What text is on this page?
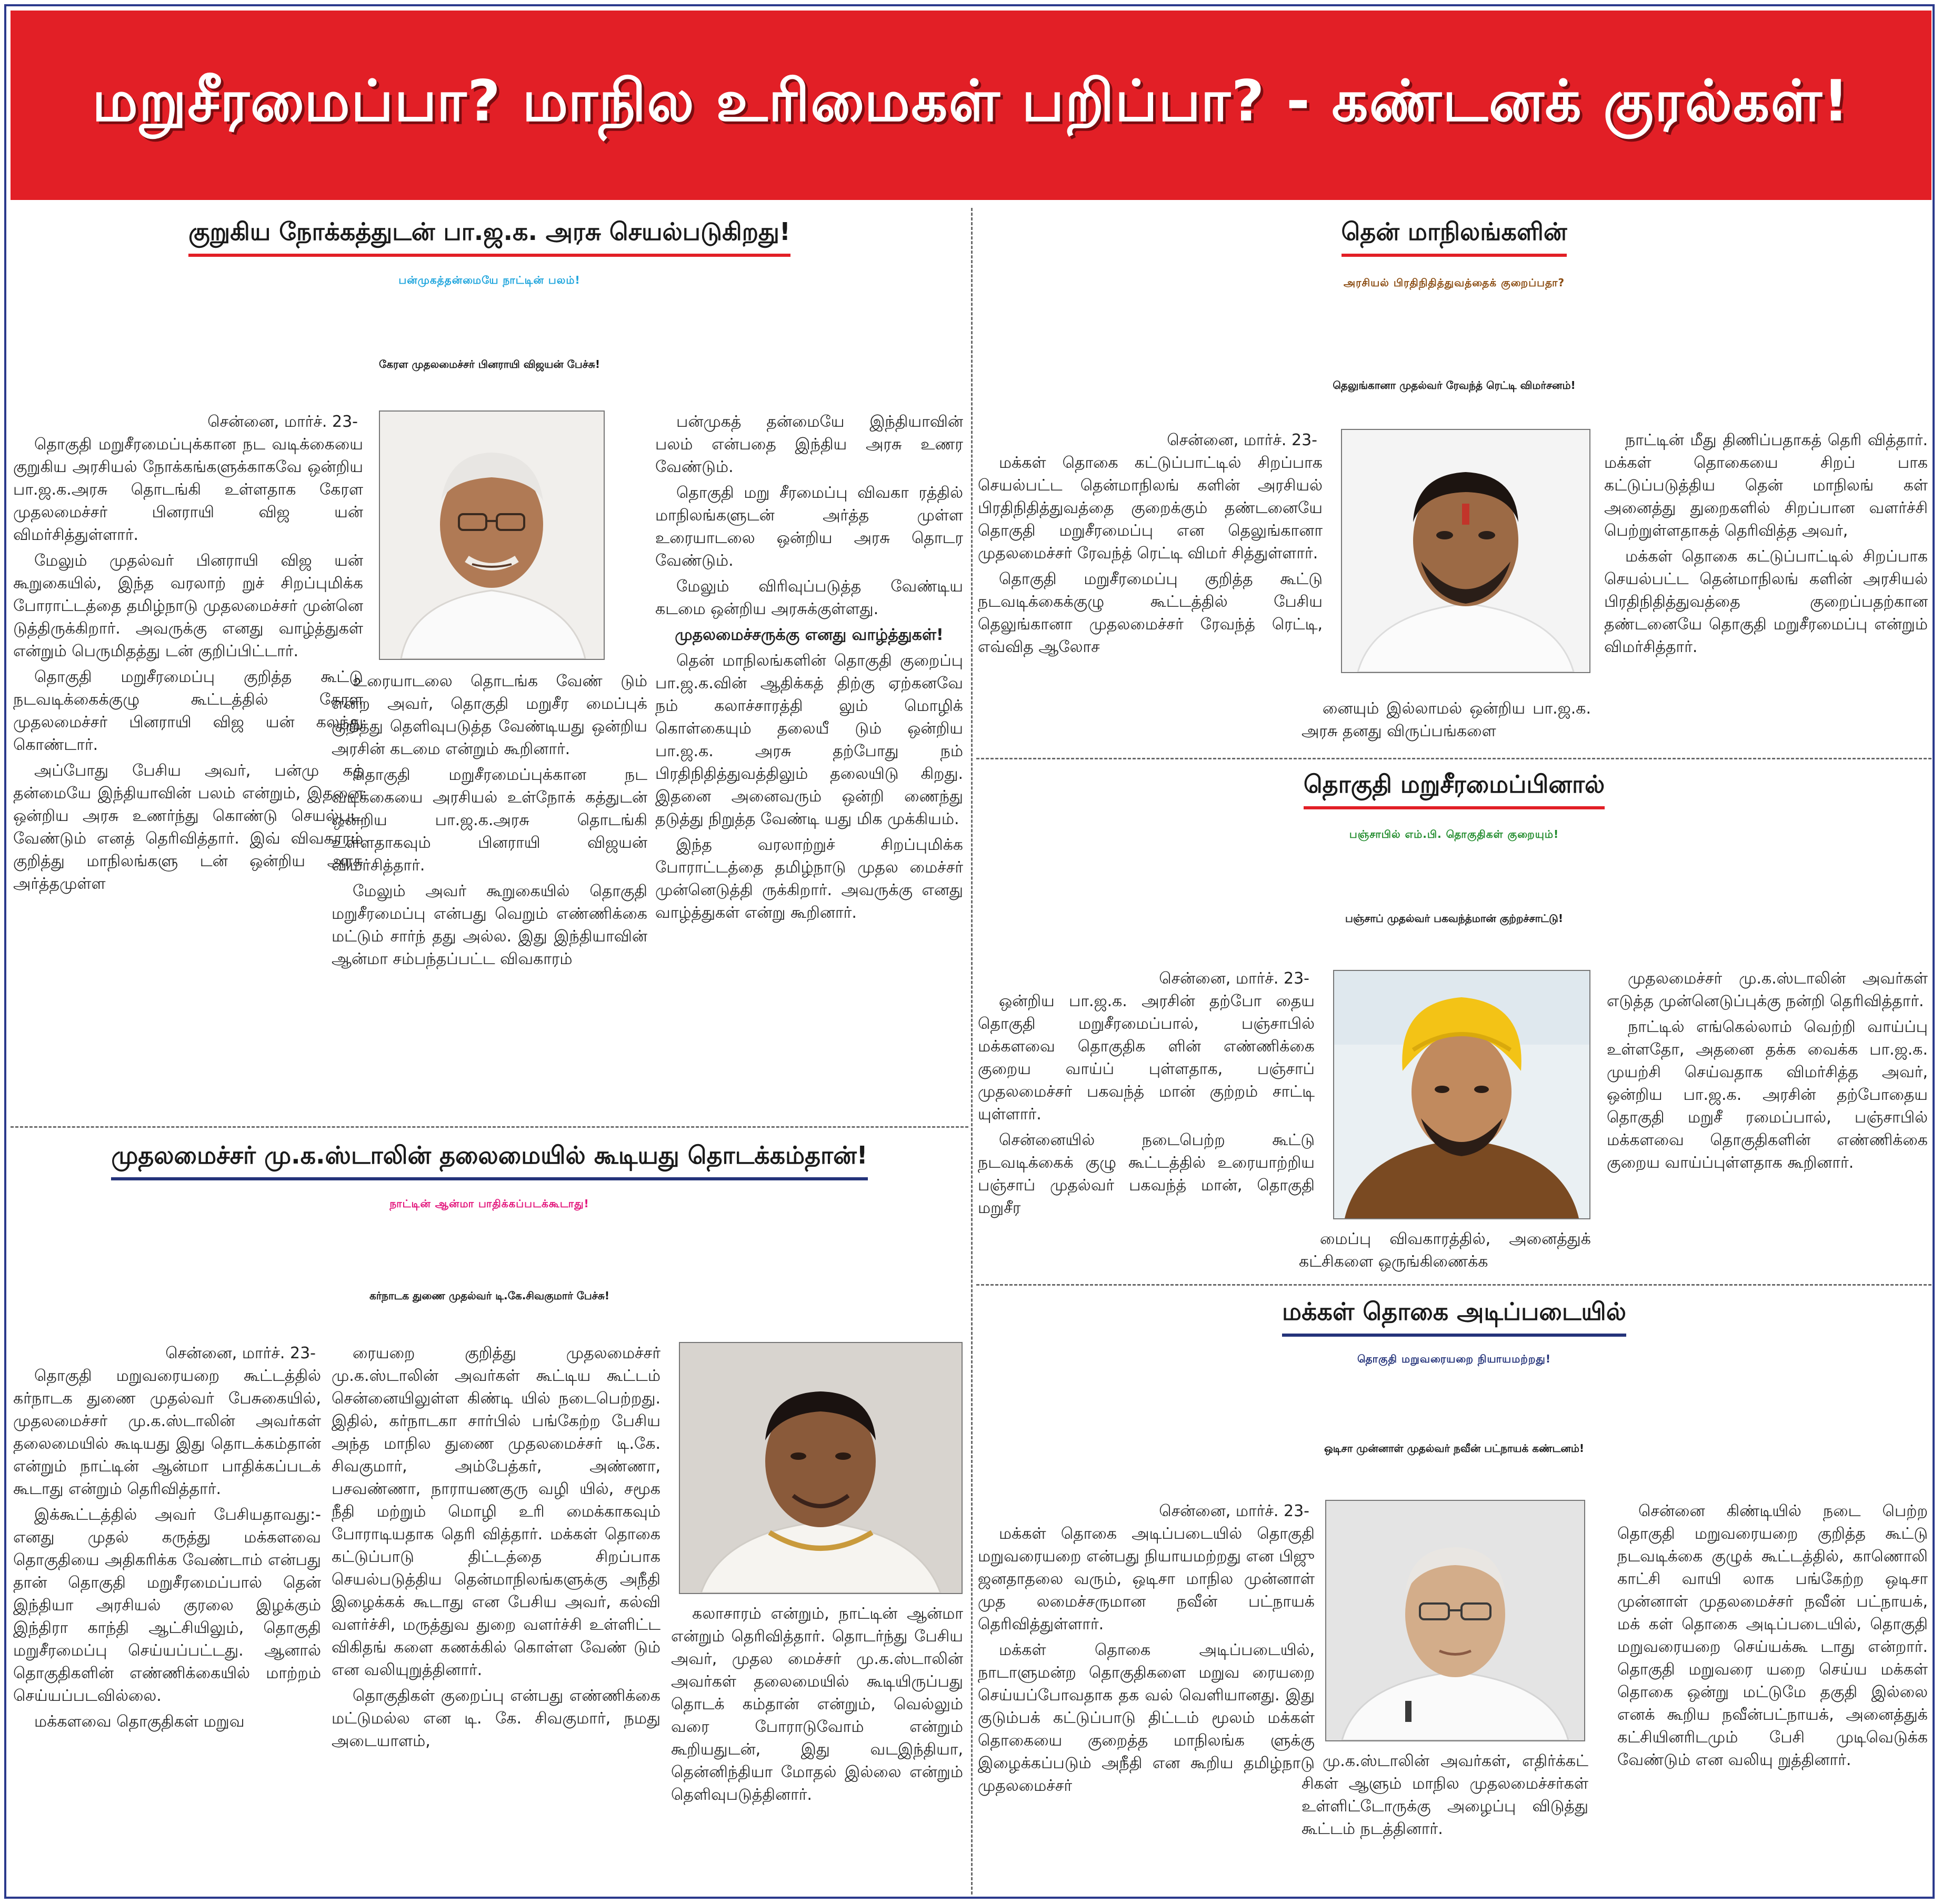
மறுசீரமைப்பா? மாநில உரிமைகள் பறிப்பா? - கண்டனக் குரல்கள்!
குறுகிய நோக்கத்துடன் பா.ஜ.க. அரசு செயல்படுகிறது!
பன்முகத்தன்மையே நாட்டின் பலம்!
கேரள முதலமைச்சர் பினராயி விஜயன் பேச்சு!
சென்னை, மார்ச். 23-

தொகுதி மறுசீரமைப்புக்கான நட வடிக்கையை குறுகிய அரசியல் நோக்கங்களுக்காகவே ஒன்றிய பா.ஜ.க.அரசு தொடங்கி உள்ளதாக கேரள முதலமைச்சர் பினராயி விஜ யன் விமர்சித்துள்ளார்.

மேலும் முதல்வர் பினராயி விஜ யன் கூறுகையில், இந்த வரலாற் றுச் சிறப்புமிக்க போராட்டத்தை தமிழ்நாடு முதலமைச்சர் முன்னெ டுத்திருக்கிறார். அவருக்கு எனது வாழ்த்துகள் என்றும் பெருமிதத்து டன் குறிப்பிட்டார்.

தொகுதி மறுசீரமைப்பு குறித்த கூட்டு நடவடிக்கைக்குழு கூட்டத்தில் கேரள முதலமைச்சர் பினராயி விஜ யன் கலந்து கொண்டார்.

அப்போது பேசிய அவர், பன்மு கத் தன்மையே இந்தியாவின் பலம் என்றும், இதனை ஒன்றிய அரசு உணர்ந்து கொண்டு செயல்பட வேண்டும் எனத் தெரிவித்தார். இவ் விவகாரம் குறித்து மாநிலங்களு டன் ஒன்றிய அரசு அர்த்தமுள்ள

உரையாடலை தொடங்க வேண் டும் என்ற அவர், தொகுதி மறுசீர மைப்புக் குறித்து தெளிவுபடுத்த வேண்டியது ஒன்றிய அரசின் கடமை என்றும் கூறினார்.

தொகுதி மறுசீரமைப்புக்கான நட வடிக்கையை அரசியல் உள்நோக் கத்துடன் ஒன்றிய பா.ஜ.க.அரசு தொடங்கி உள்ளதாகவும் பினராயி விஜயன் விமர்சித்தார்.

மேலும் அவர் கூறுகையில் தொகுதி மறுசீரமைப்பு என்பது வெறும் எண்ணிக்கை மட்டும் சார்ந் தது அல்ல. இது இந்தியாவின் ஆன்மா சம்பந்தப்பட்ட விவகாரம்

பன்முகத் தன்மையே இந்தியாவின் பலம் என்பதை இந்திய அரசு உணர வேண்டும்.

தொகுதி மறு சீரமைப்பு விவகா ரத்தில் மாநிலங்களுடன் அர்த்த முள்ள உரையாடலை ஒன்றிய அரசு தொடர வேண்டும்.

மேலும் விரிவுப்படுத்த வேண்டிய கடமை ஒன்றிய அரசுக்குள்ளது.

முதலமைச்சருக்கு எனது வாழ்த்துகள்!

தென் மாநிலங்களின் தொகுதி குறைப்பு பா.ஜ.க.வின் ஆதிக்கத் திற்கு ஏற்கனவே நம் கலாச்சாரத்தி லும் மொழிக் கொள்கையும் தலையீ டும் ஒன்றிய பா.ஜ.க. அரசு தற்போது நம் பிரதிநிதித்துவத்திலும் தலையிடு கிறது. இதனை அனைவரும் ஒன்றி ணைந்து தடுத்து நிறுத்த வேண்டி யது மிக முக்கியம்.

இந்த வரலாற்றுச் சிறப்புமிக்க போராட்டத்தை தமிழ்நாடு முதல மைச்சர் முன்னெடுத்தி ருக்கிறார். அவருக்கு எனது வாழ்த்துகள் என்று கூறினார்.

தென் மாநிலங்களின்
அரசியல் பிரதிநிதித்துவத்தைக் குறைப்பதா?
தெலுங்கானா முதல்வர் ரேவந்த் ரெட்டி விமர்சனம்!
சென்னை, மார்ச். 23-

மக்கள் தொகை கட்டுப்பாட்டில் சிறப்பாக செயல்பட்ட தென்மாநிலங் களின் அரசியல் பிரதிநிதித்துவத்தை குறைக்கும் தண்டனையே தொகுதி மறுசீரமைப்பு என தெலுங்கானா முதலமைச்சர் ரேவந்த் ரெட்டி விமர் சித்துள்ளார்.

தொகுதி மறுசீரமைப்பு குறித்த கூட்டு நடவடிக்கைக்குழு கூட்டத்தில் பேசிய தெலுங்கானா முதலமைச்சர் ரேவந்த் ரெட்டி, எவ்வித ஆலோச

னையும் இல்லாமல் ஒன்றிய பா.ஜ.க. அரசு தனது விருப்பங்களை

நாட்டின் மீது திணிப்பதாகத் தெரி வித்தார். மக்கள் தொகையை சிறப் பாக கட்டுப்படுத்திய தென் மாநிலங் கள் அனைத்து துறைகளில் சிறப்பான வளர்ச்சி பெற்றுள்ளதாகத் தெரிவித்த அவர்,

மக்கள் தொகை கட்டுப்பாட்டில் சிறப்பாக செயல்பட்ட தென்மாநிலங் களின் அரசியல் பிரதிநிதித்துவத்தை குறைப்பதற்கான தண்டனையே தொகுதி மறுசீரமைப்பு என்றும் விமர்சித்தார்.

தொகுதி மறுசீரமைப்பினால்
பஞ்சாபில் எம்.பி. தொகுதிகள் குறையும்!
பஞ்சாப் முதல்வர் பகவந்த்மான் குற்றச்சாட்டு!
சென்னை, மார்ச். 23-

ஒன்றிய பா.ஜ.க. அரசின் தற்போ தைய தொகுதி மறுசீரமைப்பால், பஞ்சாபில் மக்களவை தொகுதிக ளின் எண்ணிக்கை குறைய வாய்ப் புள்ளதாக, பஞ்சாப் முதலமைச்சர் பகவந்த் மான் குற்றம் சாட்டி யுள்ளார்.

சென்னையில் நடைபெற்ற கூட்டு நடவடிக்கைக் குழு கூட்டத்தில் உரையாற்றிய பஞ்சாப் முதல்வர் பகவந்த் மான், தொகுதி மறுசீர

மைப்பு விவகாரத்தில், அனைத்துக் கட்சிகளை ஒருங்கிணைக்க

முதலமைச்சர் மு.க.ஸ்டாலின் அவர்கள் எடுத்த முன்னெடுப்புக்கு நன்றி தெரிவித்தார்.

நாட்டில் எங்கெல்லாம் வெற்றி வாய்ப்பு உள்ளதோ, அதனை தக்க வைக்க பா.ஜ.க. முயற்சி செய்வதாக விமர்சித்த அவர், ஒன்றிய பா.ஜ.க. அரசின் தற்போதைய தொகுதி மறுசீ ரமைப்பால், பஞ்சாபில் மக்களவை தொகுதிகளின் எண்ணிக்கை குறைய வாய்ப்புள்ளதாக கூறினார்.

முதலமைச்சர் மு.க.ஸ்டாலின் தலைமையில் கூடியது தொடக்கம்தான்!
நாட்டின் ஆன்மா பாதிக்கப்படக்கூடாது!
கர்நாடக துணை முதல்வர் டி.கே.சிவகுமார் பேச்சு!
சென்னை, மார்ச். 23-

தொகுதி மறுவரையறை கூட்டத்தில் கர்நாடக துணை முதல்வர் பேசுகையில், முதலமைச்சர் மு.க.ஸ்டாலின் அவர்கள் தலைமையில் கூடியது இது தொடக்கம்தான் என்றும் நாட்டின் ஆன்மா பாதிக்கப்படக் கூடாது என்றும் தெரிவித்தார்.

இக்கூட்டத்தில் அவர் பேசியதாவது:- எனது முதல் கருத்து மக்களவை தொகுதியை அதிகரிக்க வேண்டாம் என்பது தான் தொகுதி மறுசீரமைப்பால் தென் இந்தியா அரசியல் குரலை இழக்கும் இந்திரா காந்தி ஆட்சியிலும், தொகுதி மறுசீரமைப்பு செய்யப்பட்டது. ஆனால் தொகுதிகளின் எண்ணிக்கையில் மாற்றம் செய்யப்படவில்லை.

மக்களவை தொகுதிகள் மறுவ

ரையறை குறித்து முதலமைச்சர் மு.க.ஸ்டாலின் அவர்கள் கூட்டிய கூட்டம் சென்னையிலுள்ள கிண்டி யில் நடைபெற்றது. இதில், கர்நாடகா சார்பில் பங்கேற்ற பேசிய அந்த மாநில துணை முதலமைச்சர் டி.கே. சிவகுமார், அம்பேத்கர், அண்ணா, பசவண்ணா, நாராயணகுரு வழி யில், சமூக நீதி மற்றும் மொழி உரி மைக்காகவும் போராடியதாக தெரி வித்தார். மக்கள் தொகை கட்டுப்பாடு திட்டத்தை சிறப்பாக செயல்படுத்திய தென்மாநிலங்களுக்கு அநீதி இழைக்கக் கூடாது என பேசிய அவர், கல்வி வளர்ச்சி, மருத்துவ துறை வளர்ச்சி உள்ளிட்ட விகிதங் களை கணக்கில் கொள்ள வேண் டும் என வலியுறுத்தினார்.

தொகுதிகள் குறைப்பு என்பது எண்ணிக்கை மட்டுமல்ல என டி. கே. சிவகுமார், நமது அடையாளம்,

கலாசாரம் என்றும், நாட்டின் ஆன்மா என்றும் தெரிவித்தார். தொடர்ந்து பேசிய அவர், முதல மைச்சர் மு.க.ஸ்டாலின் அவர்கள் தலைமையில் கூடியிருப்பது தொடக் கம்தான் என்றும், வெல்லும் வரை போராடுவோம் என்றும் கூறியதுடன், இது வடஇந்தியா, தென்னிந்தியா மோதல் இல்லை என்றும் தெளிவுபடுத்தினார்.

மக்கள் தொகை அடிப்படையில்
தொகுதி மறுவரையறை நியாயமற்றது!
ஒடிசா முன்னாள் முதல்வர் நவீன் பட்நாயக் கண்டனம்!
சென்னை, மார்ச். 23-

மக்கள் தொகை அடிப்படையில் தொகுதி மறுவரையறை என்பது நியாயமற்றது என பிஜு ஜனதாதலை வரும், ஒடிசா மாநில முன்னாள் முத லமைச்சருமான நவீன் பட்நாயக் தெரிவித்துள்ளார்.

மக்கள் தொகை அடிப்படையில், நாடாளுமன்ற தொகுதிகளை மறுவ ரையறை செய்யப்போவதாக தக வல் வெளியானது. இது குடும்பக் கட்டுப்பாடு திட்டம் மூலம் மக்கள் தொகையை குறைத்த மாநிலங்க ளுக்கு இழைக்கப்படும் அநீதி என கூறிய தமிழ்நாடு முதலமைச்சர்

மு.க.ஸ்டாலின் அவர்கள், எதிர்க்கட் சிகள் ஆளும் மாநில முதலமைச்சர்கள் உள்ளிட்டோருக்கு அழைப்பு விடுத்து கூட்டம் நடத்தினார்.

சென்னை கிண்டியில் நடை பெற்ற தொகுதி மறுவரையறை குறித்த கூட்டு நடவடிக்கை குழுக் கூட்டத்தில், காணொலி காட்சி வாயி லாக பங்கேற்ற ஒடிசா முன்னாள் முதலமைச்சர் நவீன் பட்நாயக், மக் கள் தொகை அடிப்படையில், தொகுதி மறுவரையறை செய்யக்கூ டாது என்றார். தொகுதி மறுவரை யறை செய்ய மக்கள் தொகை ஒன்று மட்டுமே தகுதி இல்லை எனக் கூறிய நவீன்பட்நாயக், அனைத்துக் கட்சியினரிடமும் பேசி முடிவெடுக்க வேண்டும் என வலியு றுத்தினார்.
